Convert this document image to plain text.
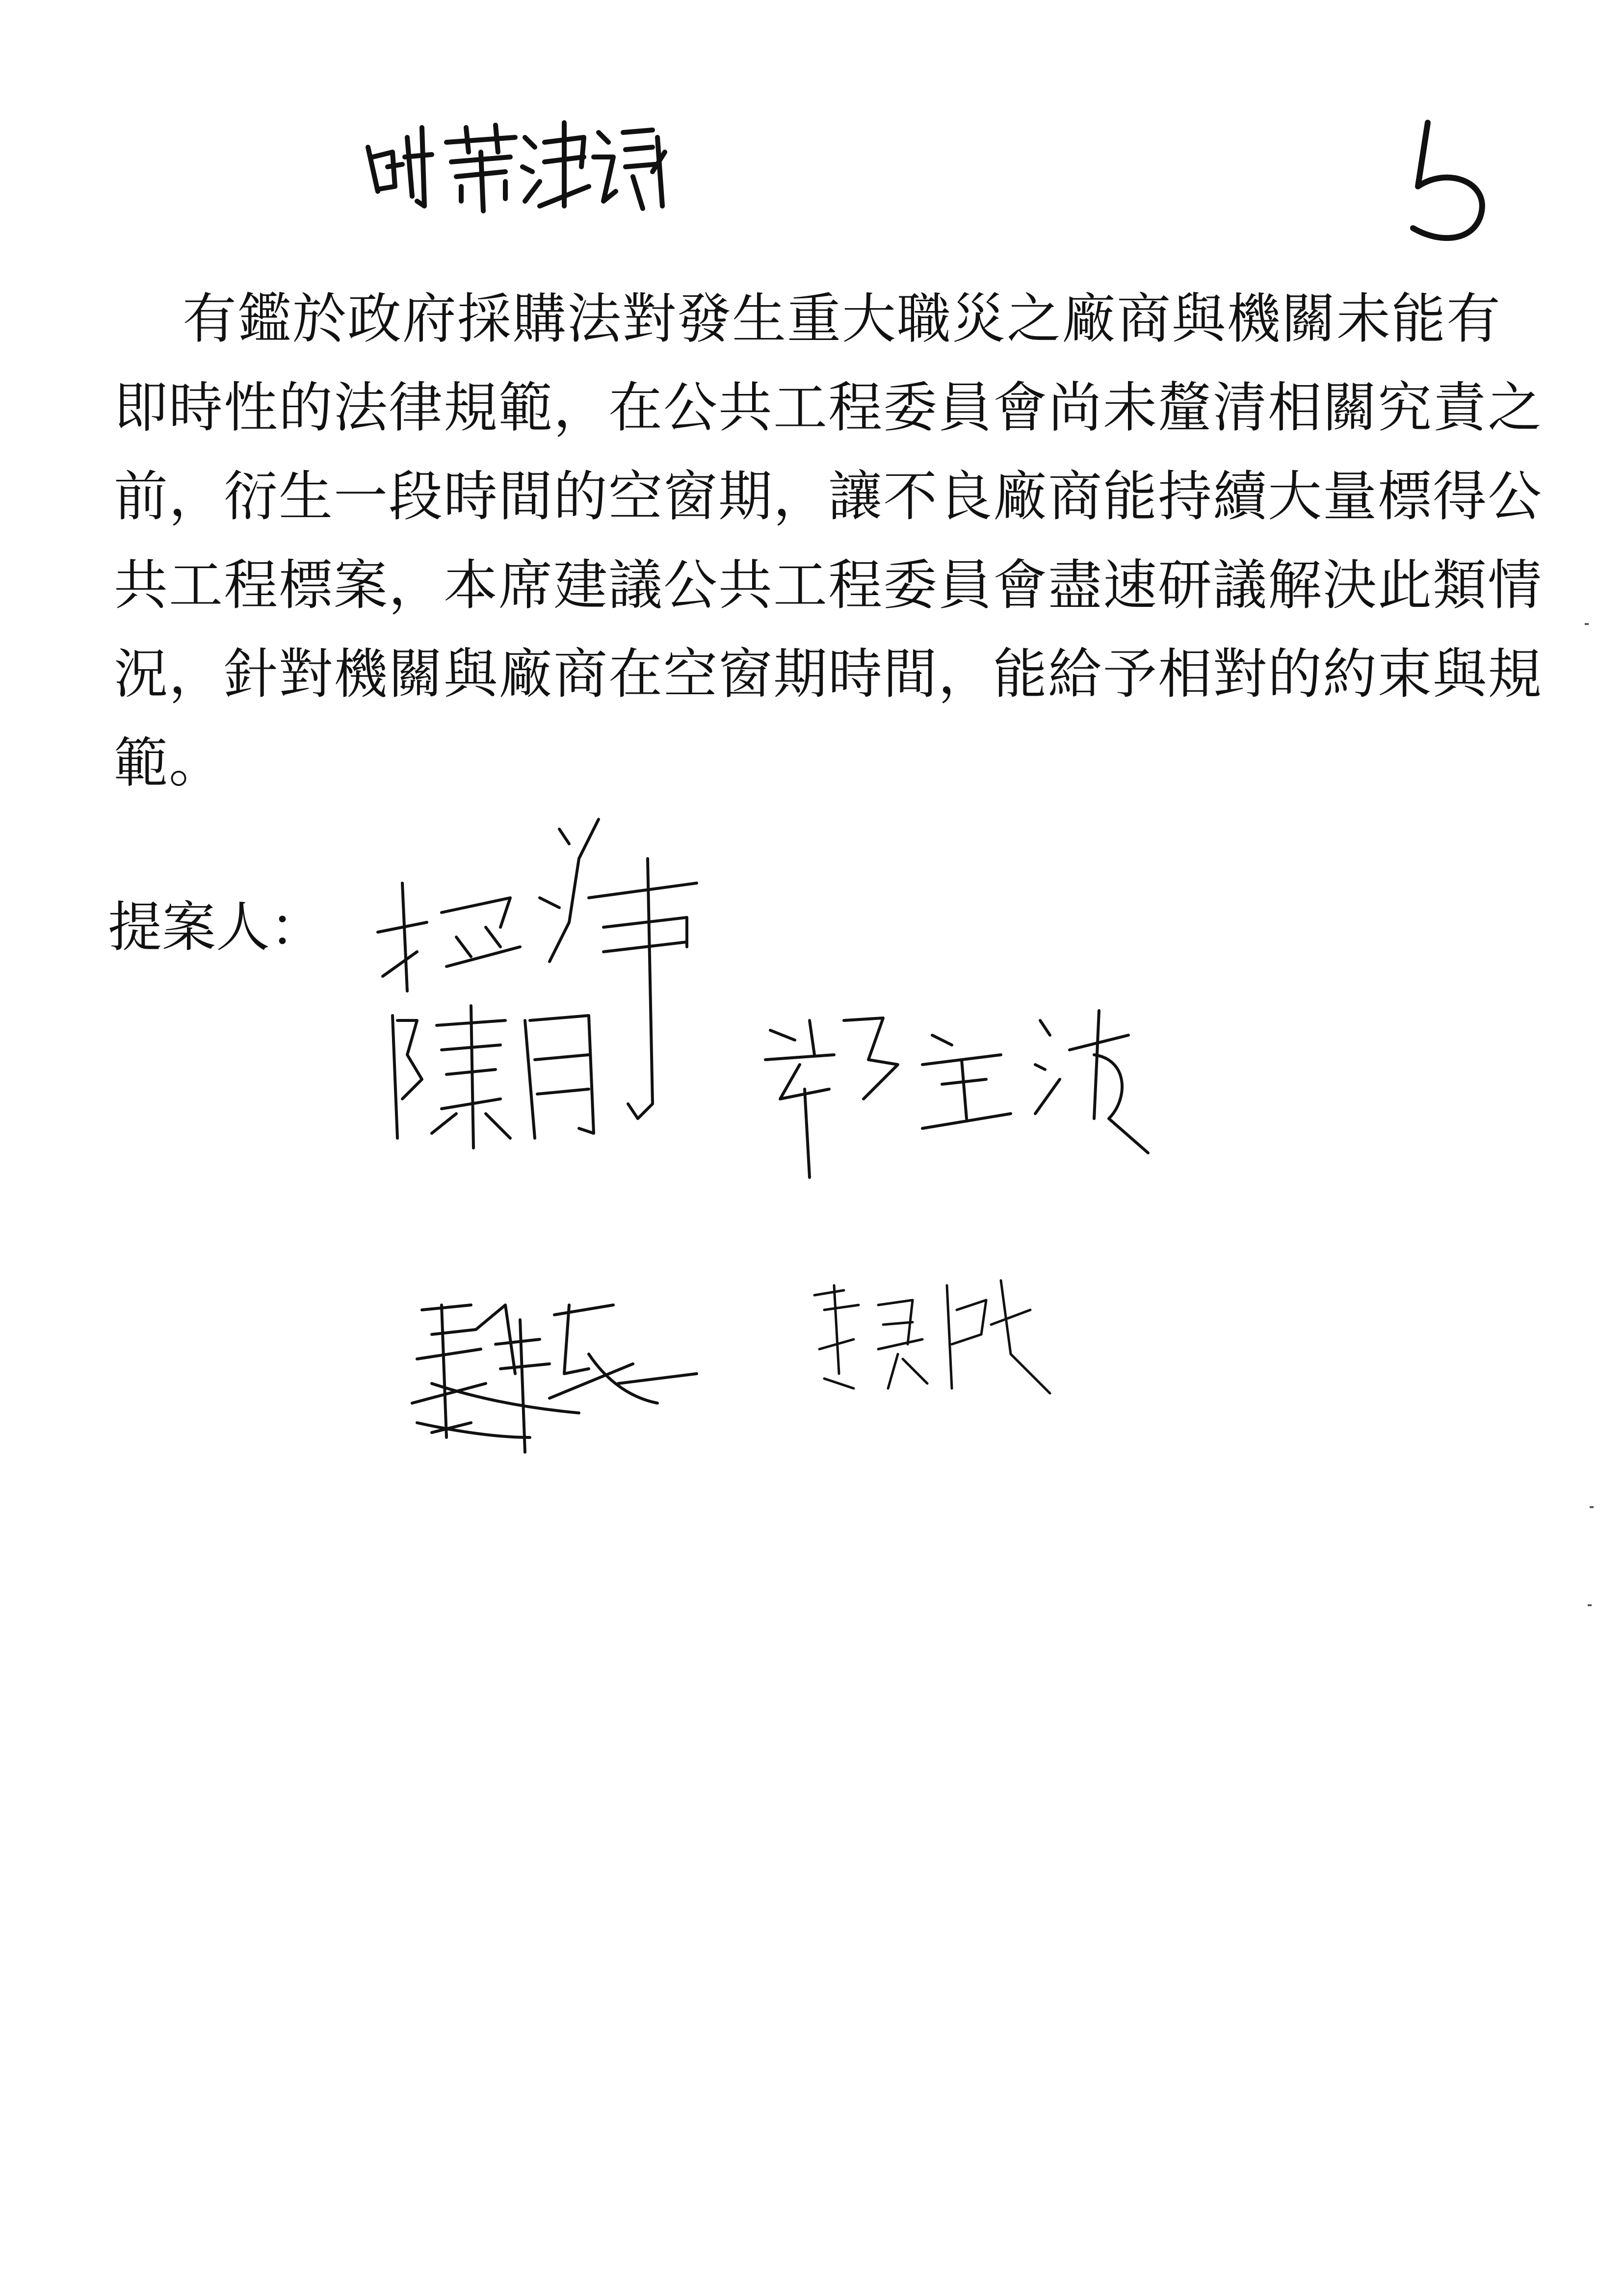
有鑑於政府採購法對發生重大職災之廠商與機關未能有
即時性的法律規範，在公共工程委員會尚未釐清相關究責之
前，衍生一段時間的空窗期，讓不良廠商能持續大量標得公
共工程標案，本席建議公共工程委員會盡速研議解決此類情
況，針對機關與廠商在空窗期時間，能給予相對的約束與規
範。

提案人：
